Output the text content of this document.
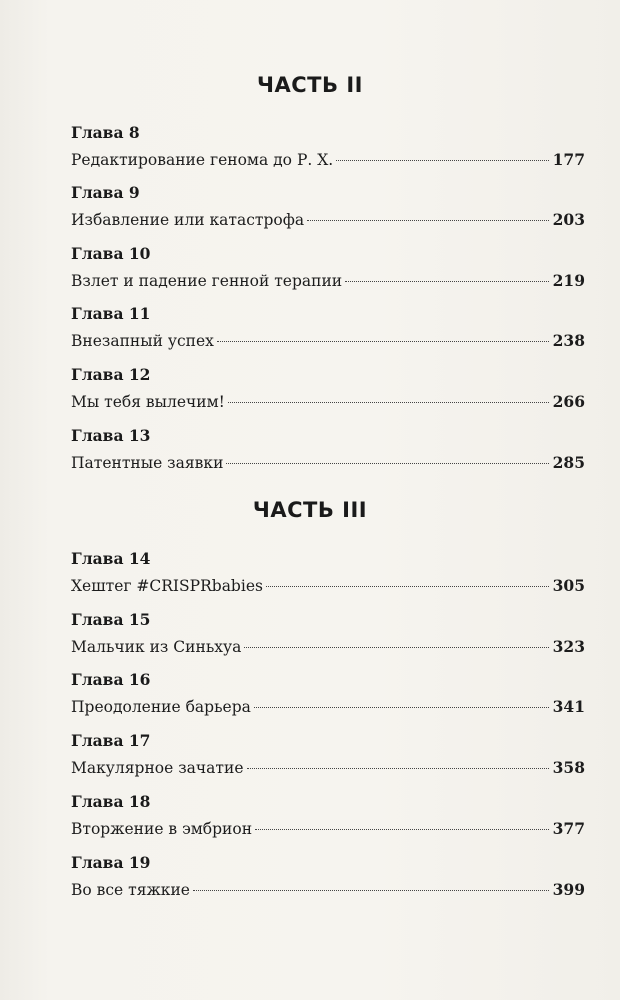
ЧАСТЬ II
Глава 8
Редактирование генома до Р. Х.	177
Глава 9
Избавление или катастрофа	203
Глава 10
Взлет и падение генной терапии	219
Глава 11
Внезапный успех	238
Глава 12
Мы тебя вылечим!	266
Глава 13
Патентные заявки	285
ЧАСТЬ III
Глава 14
Хештег #CRISPRbabies	305
Глава 15
Мальчик из Синьхуа	323
Глава 16
Преодоление барьера	341
Глава 17
Макулярное зачатие	358
Глава 18
Вторжение в эмбрион	377
Глава 19
Во все тяжкие	399
